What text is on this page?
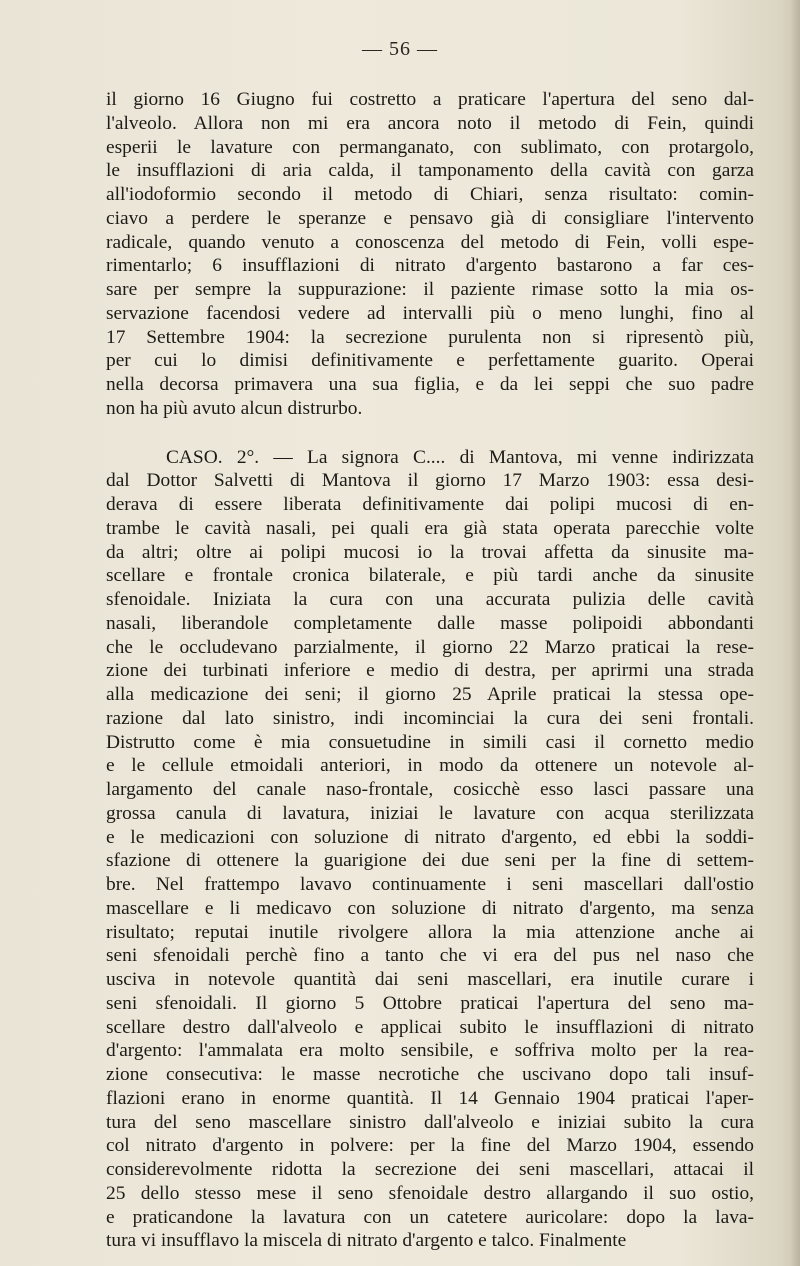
— 56 —
il giorno 16 Giugno fui costretto a praticare l'apertura del seno dal-
l'alveolo. Allora non mi era ancora noto il metodo di Fein, quindi
esperii le lavature con permanganato, con sublimato, con protargolo,
le insufflazioni di aria calda, il tamponamento della cavità con garza
all'iodoformio secondo il metodo di Chiari, senza risultato: comin-
ciavo a perdere le speranze e pensavo già di consigliare l'intervento
radicale, quando venuto a conoscenza del metodo di Fein, volli espe-
rimentarlo; 6 insufflazioni di nitrato d'argento bastarono a far ces-
sare per sempre la suppurazione: il paziente rimase sotto la mia os-
servazione facendosi vedere ad intervalli più o meno lunghi, fino al
17 Settembre 1904: la secrezione purulenta non si ripresentò più,
per cui lo dimisi definitivamente e perfettamente guarito. Operai
nella decorsa primavera una sua figlia, e da lei seppi che suo padre
non ha più avuto alcun distrurbo.
CASO. 2°. — La signora C.... di Mantova, mi venne indirizzata
dal Dottor Salvetti di Mantova il giorno 17 Marzo 1903: essa desi-
derava di essere liberata definitivamente dai polipi mucosi di en-
trambe le cavità nasali, pei quali era già stata operata parecchie volte
da altri; oltre ai polipi mucosi io la trovai affetta da sinusite ma-
scellare e frontale cronica bilaterale, e più tardi anche da sinusite
sfenoidale. Iniziata la cura con una accurata pulizia delle cavità
nasali, liberandole completamente dalle masse polipoidi abbondanti
che le occludevano parzialmente, il giorno 22 Marzo praticai la rese-
zione dei turbinati inferiore e medio di destra, per aprirmi una strada
alla medicazione dei seni; il giorno 25 Aprile praticai la stessa ope-
razione dal lato sinistro, indi incominciai la cura dei seni frontali.
Distrutto come è mia consuetudine in simili casi il cornetto medio
e le cellule etmoidali anteriori, in modo da ottenere un notevole al-
largamento del canale naso-frontale, cosicchè esso lasci passare una
grossa canula di lavatura, iniziai le lavature con acqua sterilizzata
e le medicazioni con soluzione di nitrato d'argento, ed ebbi la soddi-
sfazione di ottenere la guarigione dei due seni per la fine di settem-
bre. Nel frattempo lavavo continuamente i seni mascellari dall'ostio
mascellare e li medicavo con soluzione di nitrato d'argento, ma senza
risultato; reputai inutile rivolgere allora la mia attenzione anche ai
seni sfenoidali perchè fino a tanto che vi era del pus nel naso che
usciva in notevole quantità dai seni mascellari, era inutile curare i
seni sfenoidali. Il giorno 5 Ottobre praticai l'apertura del seno ma-
scellare destro dall'alveolo e applicai subito le insufflazioni di nitrato
d'argento: l'ammalata era molto sensibile, e soffriva molto per la rea-
zione consecutiva: le masse necrotiche che uscivano dopo tali insuf-
flazioni erano in enorme quantità. Il 14 Gennaio 1904 praticai l'aper-
tura del seno mascellare sinistro dall'alveolo e iniziai subito la cura
col nitrato d'argento in polvere: per la fine del Marzo 1904, essendo
considerevolmente ridotta la secrezione dei seni mascellari, attacai il
25 dello stesso mese il seno sfenoidale destro allargando il suo ostio,
e praticandone la lavatura con un catetere auricolare: dopo la lava-
tura vi insufflavo la miscela di nitrato d'argento e talco. Finalmente
